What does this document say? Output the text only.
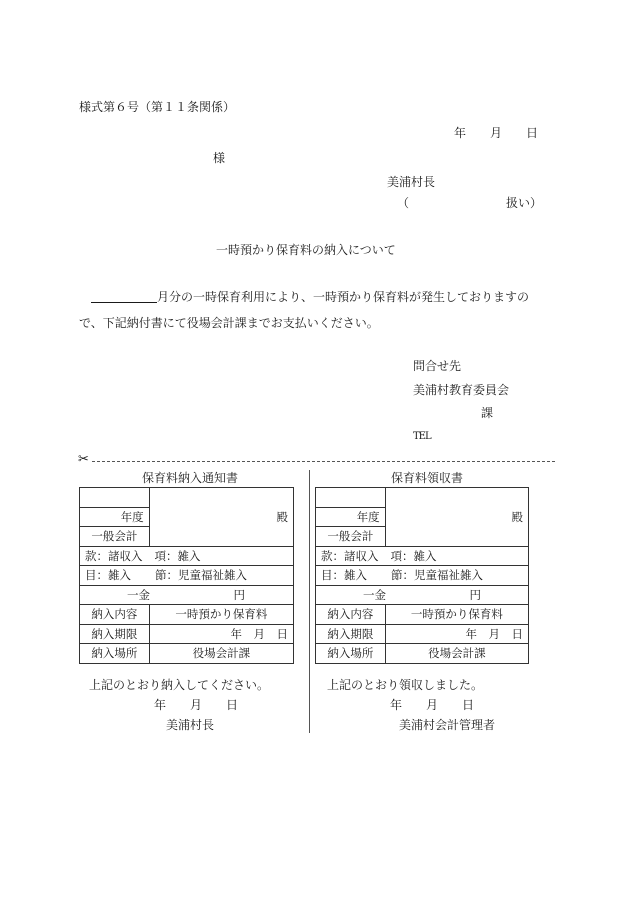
様式第６号（第１１条関係）
年　　月　　日
様
美浦村長
（	扱い）
一時預かり保育料の納入について
月分の一時保育利用により、一時預かり保育料が発生しておりますので、下記納付書にて役場会計課までお支払いください。
問合せ先
美浦村教育委員会
課
TEL
✂
保育料納入通知書
	殿
年度	
一般会計	
款：諸収入 項：雑入	
目：雑入 節：児童福祉雑入	
一金 円	
納入内容	一時預かり保育料
納入期限	年　月　日
納入場所	役場会計課
上記のとおり納入してください。
年　　月　　日
美浦村長
保育料領収書
	殿
年度	
一般会計	
款：諸収入 項：雑入	
目：雑入 節：児童福祉雑入	
一金 円	
納入内容	一時預かり保育料
納入期限	年　月　日
納入場所	役場会計課
上記のとおり領収しました。
年　　月　　日
美浦村会計管理者
